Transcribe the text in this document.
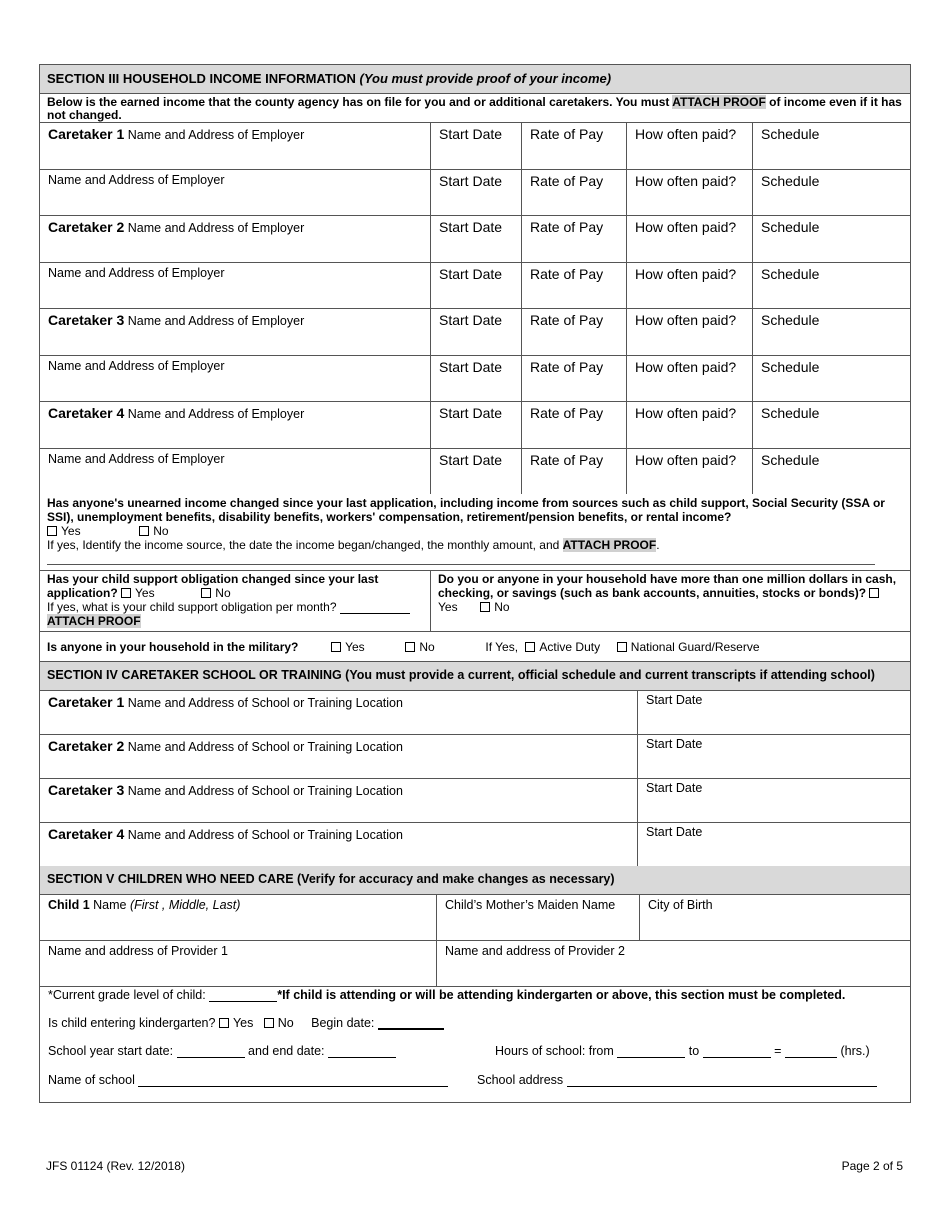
SECTION III HOUSEHOLD INCOME INFORMATION (You must provide proof of your income)
Below is the earned income that the county agency has on file for you and or additional caretakers. You must ATTACH PROOF of income even if it has not changed.
Caretaker 1 Name and Address of Employer	Start Date	Rate of Pay	How often paid?	Schedule
Name and Address of Employer	Start Date	Rate of Pay	How often paid?	Schedule
Caretaker 2 Name and Address of Employer	Start Date	Rate of Pay	How often paid?	Schedule
Name and Address of Employer	Start Date	Rate of Pay	How often paid?	Schedule
Caretaker 3 Name and Address of Employer	Start Date	Rate of Pay	How often paid?	Schedule
Name and Address of Employer	Start Date	Rate of Pay	How often paid?	Schedule
Caretaker 4 Name and Address of Employer	Start Date	Rate of Pay	How often paid?	Schedule
Name and Address of Employer	Start Date	Rate of Pay	How often paid?	Schedule
Has anyone's unearned income changed since your last application, including income from sources such as child support, Social Security (SSA or SSI), unemployment benefits, disability benefits, workers' compensation, retirement/pension benefits, or rental income?
Yes	No
If yes, Identify the income source, the date the income began/changed, the monthly amount, and ATTACH PROOF.
Has your child support obligation changed since your last application? Yes	No
If yes, what is your child support obligation per month?
ATTACH PROOF
Do you or anyone in your household have more than one million dollars in cash, checking, or savings (such as bank accounts, annuities, stocks or bonds)? Yes	No
Is anyone in your household in the military?	Yes	No	If Yes, Active Duty	National Guard/Reserve
SECTION IV CARETAKER SCHOOL OR TRAINING (You must provide a current, official schedule and current transcripts if attending school)
Caretaker 1 Name and Address of School or Training Location	Start Date
Caretaker 2 Name and Address of School or Training Location	Start Date
Caretaker 3 Name and Address of School or Training Location	Start Date
Caretaker 4 Name and Address of School or Training Location	Start Date
SECTION V CHILDREN WHO NEED CARE (Verify for accuracy and make changes as necessary)
Child 1 Name (First , Middle, Last)	Child’s Mother’s Maiden Name	City of Birth
Name and address of Provider 1	Name and address of Provider 2
*Current grade level of child:	*If child is attending or will be attending kindergarten or above, this section must be completed.
Is child entering kindergarten? Yes No Begin date:
School year start date:	and end date:	Hours of school: from	to	=	(hrs.)
Name of school	School address
JFS 01124 (Rev. 12/2018)	Page 2 of 5
